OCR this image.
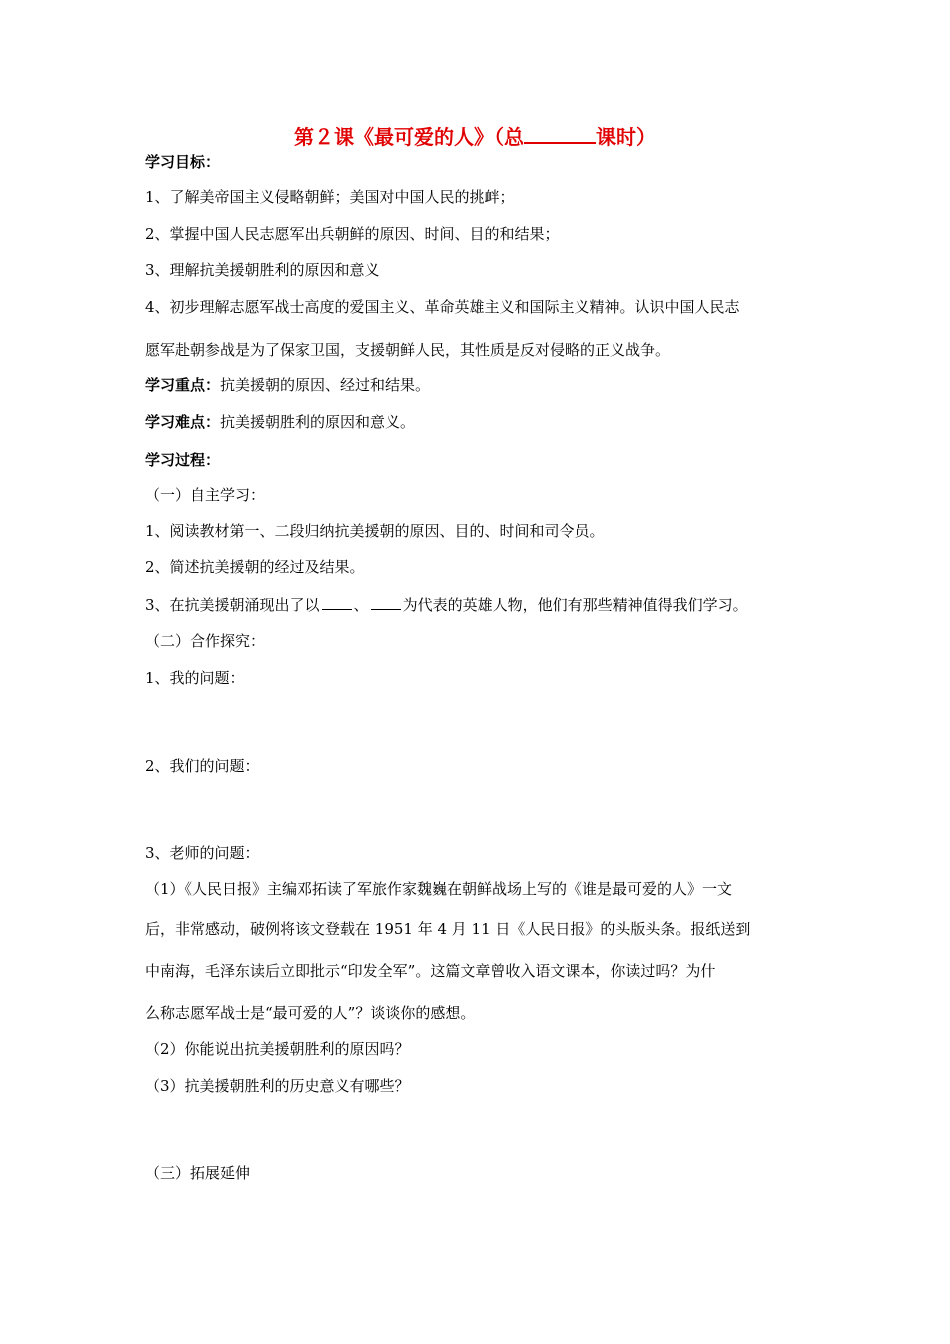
第２课《最可爱的人》（总	课时）
学习目标：
1、了解美帝国主义侵略朝鲜；美国对中国人民的挑衅；
2、掌握中国人民志愿军出兵朝鲜的原因、时间、目的和结果；
3、理解抗美援朝胜利的原因和意义
4、初步理解志愿军战士高度的爱国主义、革命英雄主义和国际主义精神。认识中国人民志
愿军赴朝参战是为了保家卫国，支援朝鲜人民，其性质是反对侵略的正义战争。
学习重点：抗美援朝的原因、经过和结果。
学习难点：抗美援朝胜利的原因和意义。
学习过程：
（一）自主学习：
1、阅读教材第一、二段归纳抗美援朝的原因、目的、时间和司令员。
2、简述抗美援朝的经过及结果。
3、在抗美援朝涌现出了以 、 为代表的英雄人物，他们有那些精神值得我们学习。
（二）合作探究：
1、我的问题：
2、我们的问题：
3、老师的问题：
（1）《人民日报》主编邓拓读了军旅作家魏巍在朝鲜战场上写的《谁是最可爱的人》一文
后，非常感动，破例将该文登载在 1951 年 4 月 11 日《人民日报》的头版头条。报纸送到
中南海，毛泽东读后立即批示“印发全军”。这篇文章曾收入语文课本，你读过吗？为什
么称志愿军战士是“最可爱的人”？谈谈你的感想。
（2）你能说出抗美援朝胜利的原因吗？
（3）抗美援朝胜利的历史意义有哪些？
（三）拓展延伸
